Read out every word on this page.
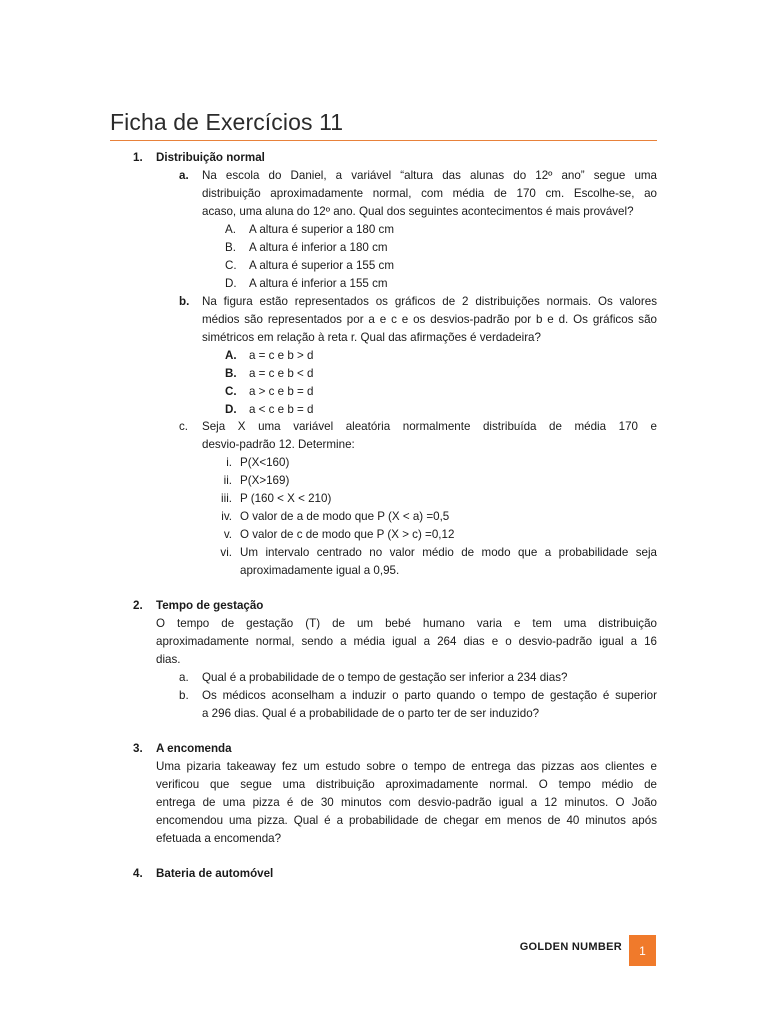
Ficha de Exercícios 11
1. Distribuição normal
a. Na escola do Daniel, a variável “altura das alunas do 12º ano” segue uma
distribuição aproximadamente normal, com média de 170 cm. Escolhe-se, ao
acaso, uma aluna do 12º ano. Qual dos seguintes acontecimentos é mais provável?
A. A altura é superior a 180 cm
B. A altura é inferior a 180 cm
C. A altura é superior a 155 cm
D. A altura é inferior a 155 cm
b. Na figura estão representados os gráficos de 2 distribuições normais. Os valores
médios são representados por a e c e os desvios-padrão por b e d. Os gráficos são
simétricos em relação à reta r. Qual das afirmações é verdadeira?
A. a = c e b > d
B. a = c e b < d
C. a > c e b = d
D. a < c e b = d
c. Seja X uma variável aleatória normalmente distribuída de média 170 e
desvio-padrão 12. Determine:
i. P(X<160)
ii. P(X>169)
iii. P (160 < X < 210)
iv. O valor de a de modo que P (X < a) =0,5
v. O valor de c de modo que P (X > c) =0,12
vi. Um intervalo centrado no valor médio de modo que a probabilidade seja
aproximadamente igual a 0,95.
2. Tempo de gestação
O tempo de gestação (T) de um bebé humano varia e tem uma distribuição
aproximadamente normal, sendo a média igual a 264 dias e o desvio-padrão igual a 16
dias.
a. Qual é a probabilidade de o tempo de gestação ser inferior a 234 dias?
b. Os médicos aconselham a induzir o parto quando o tempo de gestação é superior
a 296 dias. Qual é a probabilidade de o parto ter de ser induzido?
3. A encomenda
Uma pizaria takeaway fez um estudo sobre o tempo de entrega das pizzas aos clientes e
verificou que segue uma distribuição aproximadamente normal. O tempo médio de
entrega de uma pizza é de 30 minutos com desvio-padrão igual a 12 minutos. O João
encomendou uma pizza. Qual é a probabilidade de chegar em menos de 40 minutos após
efetuada a encomenda?
4. Bateria de automóvel
GOLDEN NUMBER	1
